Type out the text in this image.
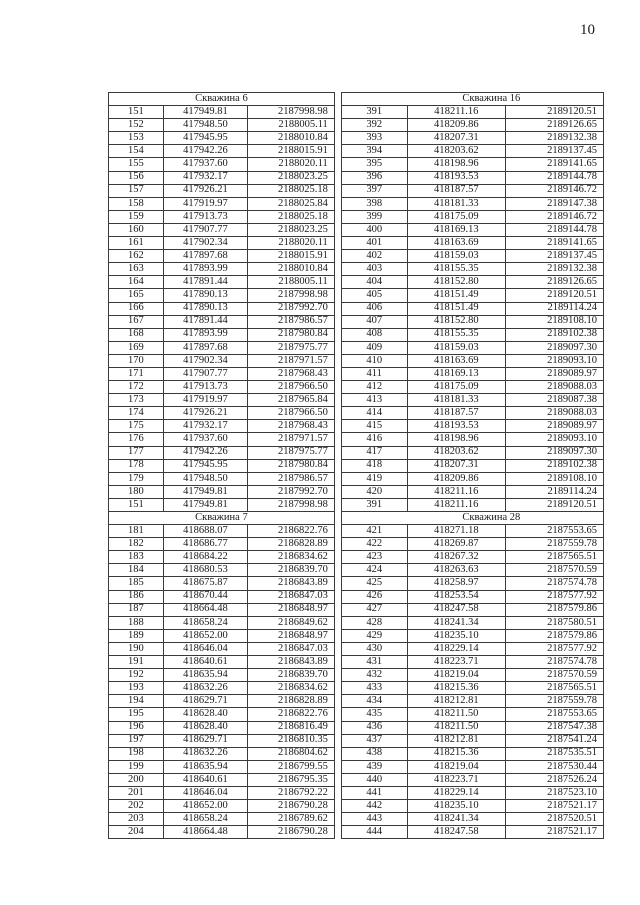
10
Скважина 6				Скважина 16		
151	417949.81	2187998.98		391	418211.16	2189120.51
152	417948.50	2188005.11		392	418209.86	2189126.65
153	417945.95	2188010.84		393	418207.31	2189132.38
154	417942.26	2188015.91		394	418203.62	2189137.45
155	417937.60	2188020.11		395	418198.96	2189141.65
156	417932.17	2188023.25		396	418193.53	2189144.78
157	417926.21	2188025.18		397	418187.57	2189146.72
158	417919.97	2188025.84		398	418181.33	2189147.38
159	417913.73	2188025.18		399	418175.09	2189146.72
160	417907.77	2188023.25		400	418169.13	2189144.78
161	417902.34	2188020.11		401	418163.69	2189141.65
162	417897.68	2188015.91		402	418159.03	2189137.45
163	417893.99	2188010.84		403	418155.35	2189132.38
164	417891.44	2188005.11		404	418152.80	2189126.65
165	417890.13	2187998.98		405	418151.49	2189120.51
166	417890.13	2187992.70		406	418151.49	2189114.24
167	417891.44	2187986.57		407	418152.80	2189108.10
168	417893.99	2187980.84		408	418155.35	2189102.38
169	417897.68	2187975.77		409	418159.03	2189097.30
170	417902.34	2187971.57		410	418163.69	2189093.10
171	417907.77	2187968.43		411	418169.13	2189089.97
172	417913.73	2187966.50		412	418175.09	2189088.03
173	417919.97	2187965.84		413	418181.33	2189087.38
174	417926.21	2187966.50		414	418187.57	2189088.03
175	417932.17	2187968.43		415	418193.53	2189089.97
176	417937.60	2187971.57		416	418198.96	2189093.10
177	417942.26	2187975.77		417	418203.62	2189097.30
178	417945.95	2187980.84		418	418207.31	2189102.38
179	417948.50	2187986.57		419	418209.86	2189108.10
180	417949.81	2187992.70		420	418211.16	2189114.24
151	417949.81	2187998.98		391	418211.16	2189120.51
Скважина 7				Скважина 28		
181	418688.07	2186822.76		421	418271.18	2187553.65
182	418686.77	2186828.89		422	418269.87	2187559.78
183	418684.22	2186834.62		423	418267.32	2187565.51
184	418680.53	2186839.70		424	418263.63	2187570.59
185	418675.87	2186843.89		425	418258.97	2187574.78
186	418670.44	2186847.03		426	418253.54	2187577.92
187	418664.48	2186848.97		427	418247.58	2187579.86
188	418658.24	2186849.62		428	418241.34	2187580.51
189	418652.00	2186848.97		429	418235.10	2187579.86
190	418646.04	2186847.03		430	418229.14	2187577.92
191	418640.61	2186843.89		431	418223.71	2187574.78
192	418635.94	2186839.70		432	418219.04	2187570.59
193	418632.26	2186834.62		433	418215.36	2187565.51
194	418629.71	2186828.89		434	418212.81	2187559.78
195	418628.40	2186822.76		435	418211.50	2187553.65
196	418628.40	2186816.49		436	418211.50	2187547.38
197	418629.71	2186810.35		437	418212.81	2187541.24
198	418632.26	2186804.62		438	418215.36	2187535.51
199	418635.94	2186799.55		439	418219.04	2187530.44
200	418640.61	2186795.35		440	418223.71	2187526.24
201	418646.04	2186792.22		441	418229.14	2187523.10
202	418652.00	2186790.28		442	418235.10	2187521.17
203	418658.24	2186789.62		443	418241.34	2187520.51
204	418664.48	2186790.28		444	418247.58	2187521.17
